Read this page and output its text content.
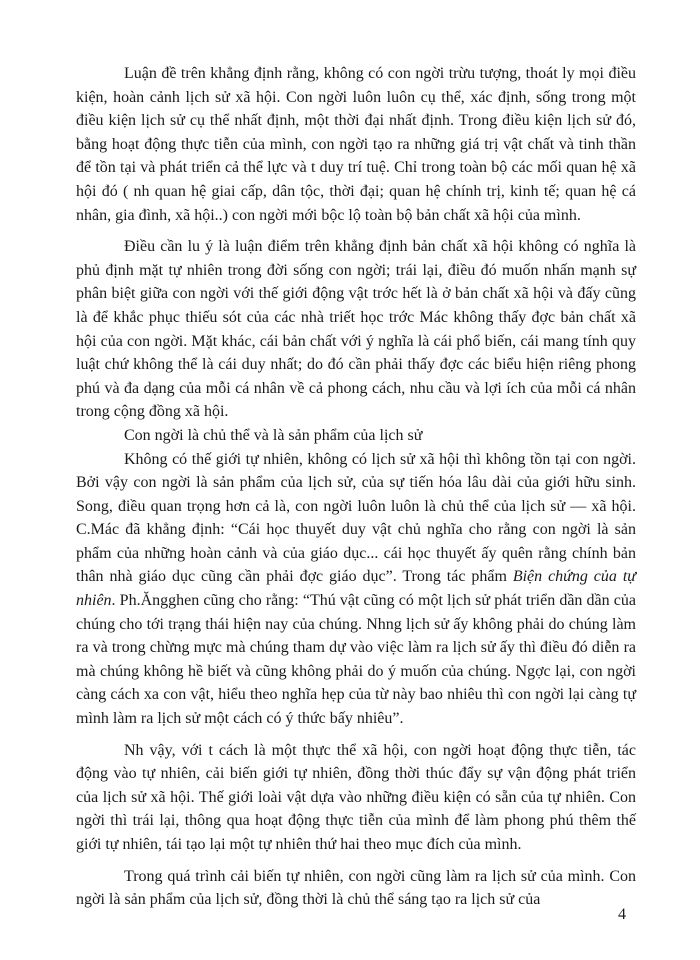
Luận đề trên khẳng định rằng, không có con ngời trừu tượng, thoát ly mọi điều kiện, hoàn cảnh lịch sử xã hội. Con ngời luôn luôn cụ thể, xác định, sống trong một điều kiện lịch sử cụ thể nhất định, một thời đại nhất định. Trong điều kiện lịch sử đó, bằng hoạt động thực tiễn của mình, con ngời tạo ra những giá trị vật chất và tinh thần để tồn tại và phát triển cả thể lực và t duy trí tuệ. Chỉ trong toàn bộ các mối quan hệ xã hội đó ( nh quan hệ giai cấp, dân tộc, thời đại; quan hệ chính trị, kinh tế; quan hệ cá nhân, gia đình, xã hội..) con ngời mới bộc lộ toàn bộ bản chất xã hội của mình.

Điều cần lu ý là luận điểm trên khẳng định bản chất xã hội không có nghĩa là phủ định mặt tự nhiên trong đời sống con ngời; trái lại, điều đó muốn nhấn mạnh sự phân biệt giữa con ngời với thế giới động vật trớc hết là ở bản chất xã hội và đấy cũng là để khắc phục thiếu sót của các nhà triết học trớc Mác không thấy đợc bản chất xã hội của con ngời. Mặt khác, cái bản chất với ý nghĩa là cái phổ biến, cái mang tính quy luật chứ không thể là cái duy nhất; do đó cần phải thấy đợc các biểu hiện riêng phong phú và đa dạng của mỗi cá nhân về cả phong cách, nhu cầu và lợi ích của mỗi cá nhân trong cộng đồng xã hội.

Con ngời là chủ thể và là sản phẩm của lịch sử

Không có thế giới tự nhiên, không có lịch sử xã hội thì không tồn tại con ngời. Bởi vậy con ngời là sản phẩm của lịch sử, của sự tiến hóa lâu dài của giới hữu sinh. Song, điều quan trọng hơn cả là, con ngời luôn luôn là chủ thể của lịch sử — xã hội. C.Mác đã khẳng định: “Cái học thuyết duy vật chủ nghĩa cho rằng con ngời là sản phẩm của những hoàn cảnh và của giáo dục... cái học thuyết ấy quên rằng chính bản thân nhà giáo dục cũng cần phải đợc giáo dục”. Trong tác phẩm Biện chứng của tự nhiên. Ph.Ăngghen cũng cho rằng: “Thú vật cũng có một lịch sử phát triển dần dần của chúng cho tới trạng thái hiện nay của chúng. Nhng lịch sử ấy không phải do chúng làm ra và trong chừng mực mà chúng tham dự vào việc làm ra lịch sử ấy thì điều đó diễn ra mà chúng không hề biết và cũng không phải do ý muốn của chúng. Ngợc lại, con ngời càng cách xa con vật, hiểu theo nghĩa hẹp của từ này bao nhiêu thì con ngời lại càng tự mình làm ra lịch sử một cách có ý thức bấy nhiêu”.

Nh vậy, với t cách là một thực thể xã hội, con ngời hoạt động thực tiễn, tác động vào tự nhiên, cải biến giới tự nhiên, đồng thời thúc đẩy sự vận động phát triển của lịch sử xã hội. Thế giới loài vật dựa vào những điều kiện có sẵn của tự nhiên. Con ngời thì trái lại, thông qua hoạt động thực tiễn của mình để làm phong phú thêm thế giới tự nhiên, tái tạo lại một tự nhiên thứ hai theo mục đích của mình.

Trong quá trình cải biến tự nhiên, con ngời cũng làm ra lịch sử của mình. Con ngời là sản phẩm của lịch sử, đồng thời là chủ thể sáng tạo ra lịch sử của

4
